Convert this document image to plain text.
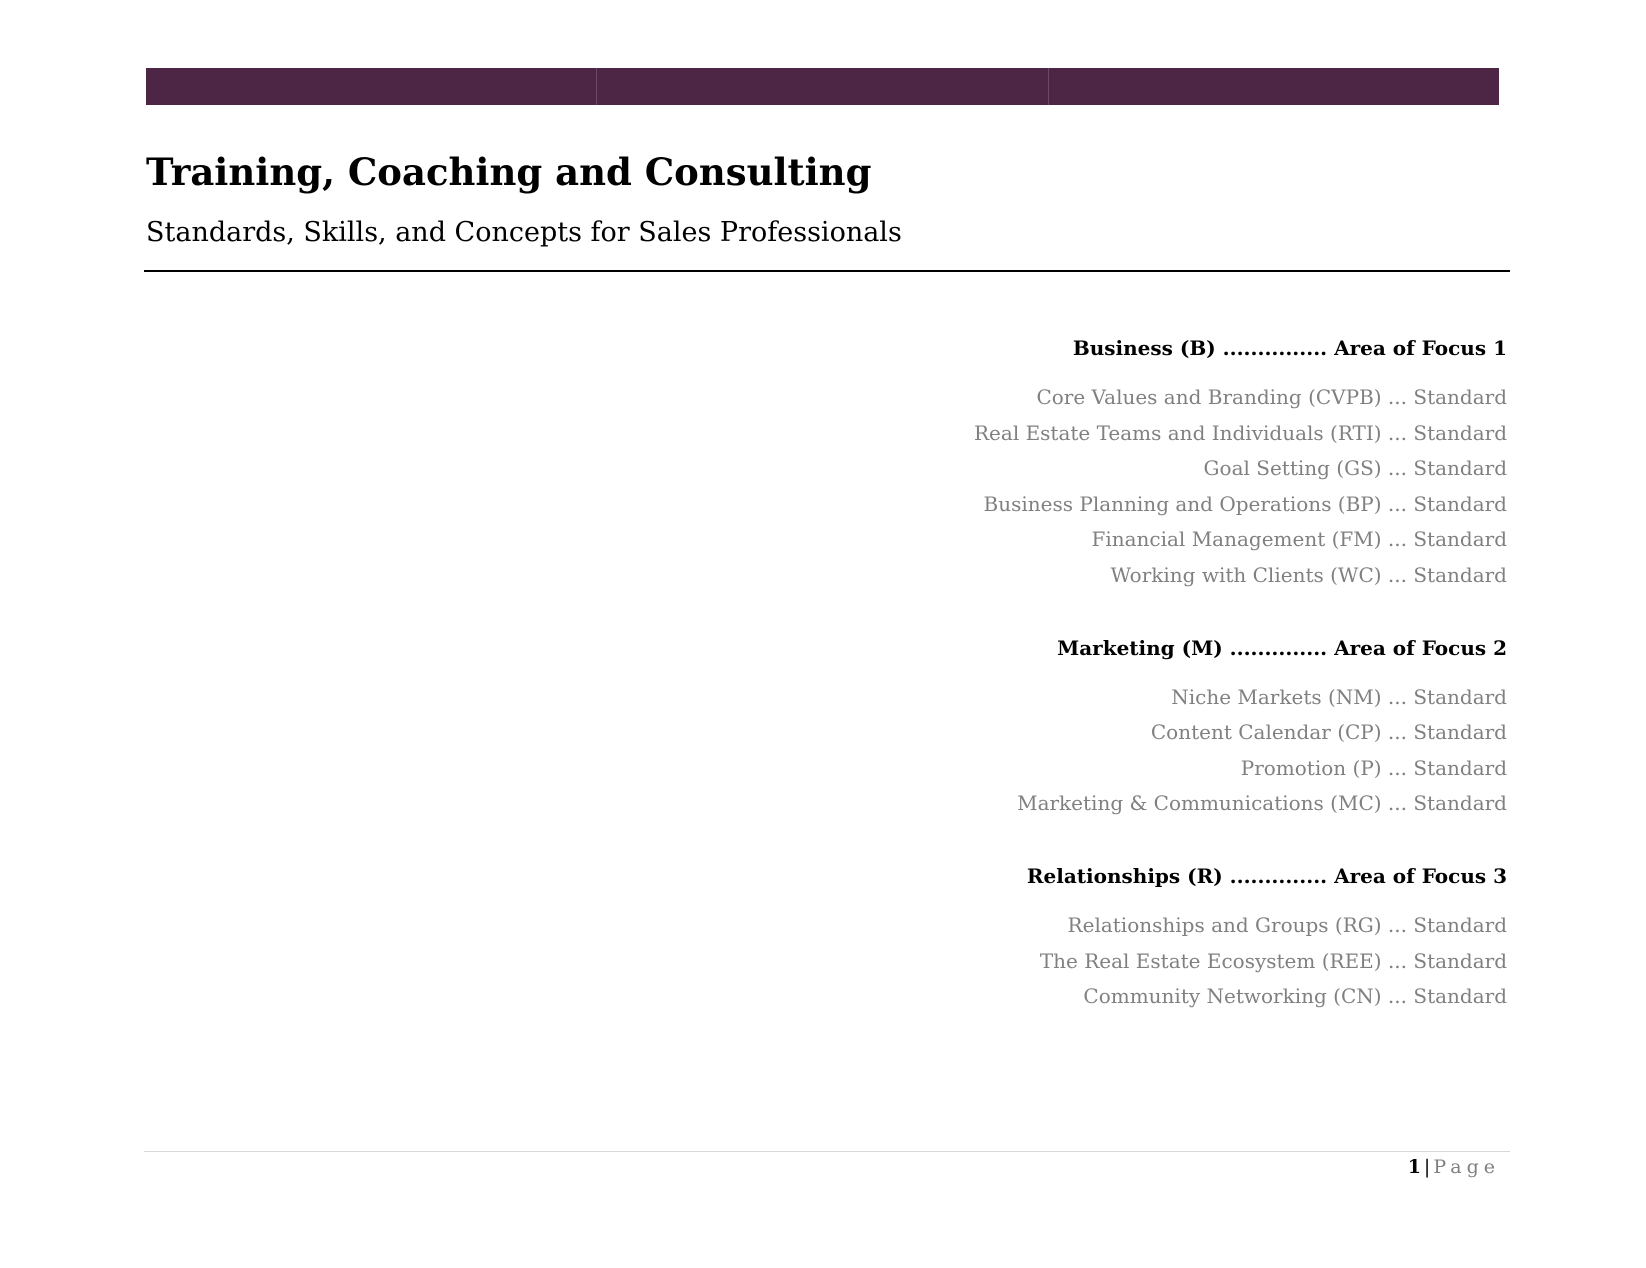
Training, Coaching and Consulting
Standards, Skills, and Concepts for Sales Professionals
Business (B) ............... Area of Focus 1
Core Values and Branding (CVPB) ... Standard
Real Estate Teams and Individuals (RTI) ... Standard
Goal Setting (GS) ... Standard
Business Planning and Operations (BP) ... Standard
Financial Management (FM) ... Standard
Working with Clients (WC) ... Standard
Marketing (M) .............. Area of Focus 2
Niche Markets (NM) ... Standard
Content Calendar (CP) ... Standard
Promotion (P) ... Standard
Marketing & Communications (MC) ... Standard
Relationships (R) .............. Area of Focus 3
Relationships and Groups (RG) ... Standard
The Real Estate Ecosystem (REE) ... Standard
Community Networking (CN) ... Standard
1 | Page
